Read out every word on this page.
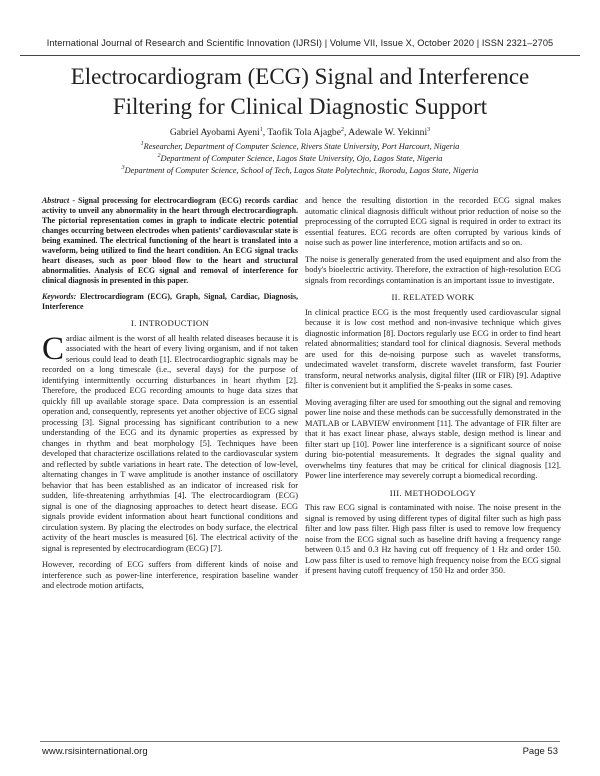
International Journal of Research and Scientific Innovation (IJRSI) | Volume VII, Issue X, October 2020 | ISSN 2321–2705
Electrocardiogram (ECG) Signal and Interference
Filtering for Clinical Diagnostic Support
Gabriel Ayobami Ayeni$^1$, Taofik Tola Ajagbe$^2$, Adewale W. Yekinni$^3$
$^1$Researcher, Department of Computer Science, Rivers State University, Port Harcourt, Nigeria
$^2$Department of Computer Science, Lagos State University, Ojo, Lagos State, Nigeria
$^3$Department of Computer Science, School of Tech, Lagos State Polytechnic, Ikorodu, Lagos State, Nigeria

Abstract - Signal processing for electrocardiogram (ECG) records cardiac activity to unveil any abnormality in the heart through electrocardiograph. The pictorial representation comes in graph to indicate electric potential changes occurring between electrodes when patients’ cardiovascular state is being examined. The electrical functioning of the heart is translated into a waveform, being utilized to find the heart condition. An ECG signal tracks heart diseases, such as poor blood flow to the heart and structural abnormalities. Analysis of ECG signal and removal of interference for clinical diagnosis in presented in this paper.

Keywords: Electrocardiogram (ECG), Graph, Signal, Cardiac, Diagnosis, Interference

I. INTRODUCTION

Cardiac ailment is the worst of all health related diseases because it is associated with the heart of every living organism, and if not taken serious could lead to death [1]. Electrocardiographic signals may be recorded on a long timescale (i.e., several days) for the purpose of identifying intermittently occurring disturbances in heart rhythm [2]. Therefore, the produced ECG recording amounts to huge data sizes that quickly fill up available storage space. Data compression is an essential operation and, consequently, represents yet another objective of ECG signal processing [3]. Signal processing has significant contribution to a new understanding of the ECG and its dynamic properties as expressed by changes in rhythm and beat morphology [5]. Techniques have been developed that characterize oscillations related to the cardiovascular system and reflected by subtle variations in heart rate. The detection of low-level, alternating changes in T wave amplitude is another instance of oscillatory behavior that has been established as an indicator of increased risk for sudden, life-threatening arrhythmias [4]. The electrocardiogram (ECG) signal is one of the diagnosing approaches to detect heart disease. ECG signals provide evident information about heart functional conditions and circulation system. By placing the electrodes on body surface, the electrical activity of the heart muscles is measured [6]. The electrical activity of the signal is represented by electrocardiogram (ECG) [7].

However, recording of ECG suffers from different kinds of noise and interference such as power-line interference, respiration baseline wander and electrode motion artifacts,

and hence the resulting distortion in the recorded ECG signal makes automatic clinical diagnosis difficult without prior reduction of noise so the preprocessing of the corrupted ECG signal is required in order to extract its essential features. ECG records are often corrupted by various kinds of noise such as power line interference, motion artifacts and so on.

The noise is generally generated from the used equipment and also from the body's bioelectric activity. Therefore, the extraction of high-resolution ECG signals from recordings contamination is an important issue to investigate.

II. RELATED WORK

In clinical practice ECG is the most frequently used cardiovascular signal because it is low cost method and non-invasive technique which gives diagnostic information [8]. Doctors regularly use ECG in order to find heart related abnormalities; standard tool for clinical diagnosis. Several methods are used for this de-noising purpose such as wavelet transforms, undecimated wavelet transform, discrete wavelet transform, fast Fourier transform, neural networks analysis, digital filter (IIR or FIR) [9]. Adaptive filter is convenient but it amplified the S-peaks in some cases.

Moving averaging filter are used for smoothing out the signal and removing power line noise and these methods can be successfully demonstrated in the MATLAB or LABVIEW environment [11]. The advantage of FIR filter are that it has exact linear phase, always stable, design method is linear and filter start up [10]. Power line interference is a significant source of noise during bio-potential measurements. It degrades the signal quality and overwhelms tiny features that may be critical for clinical diagnosis [12]. Power line interference may severely corrupt a biomedical recording.

III. METHODOLOGY

This raw ECG signal is contaminated with noise. The noise present in the signal is removed by using different types of digital filter such as high pass filter and low pass filter. High pass filter is used to remove low frequency noise from the ECG signal such as baseline drift having a frequency range between 0.15 and 0.3 Hz having cut off frequency of 1 Hz and order 150. Low pass filter is used to remove high frequency noise from the ECG signal if present having cutoff frequency of 150 Hz and order 350.

www.rsisinternational.org	Page 53
